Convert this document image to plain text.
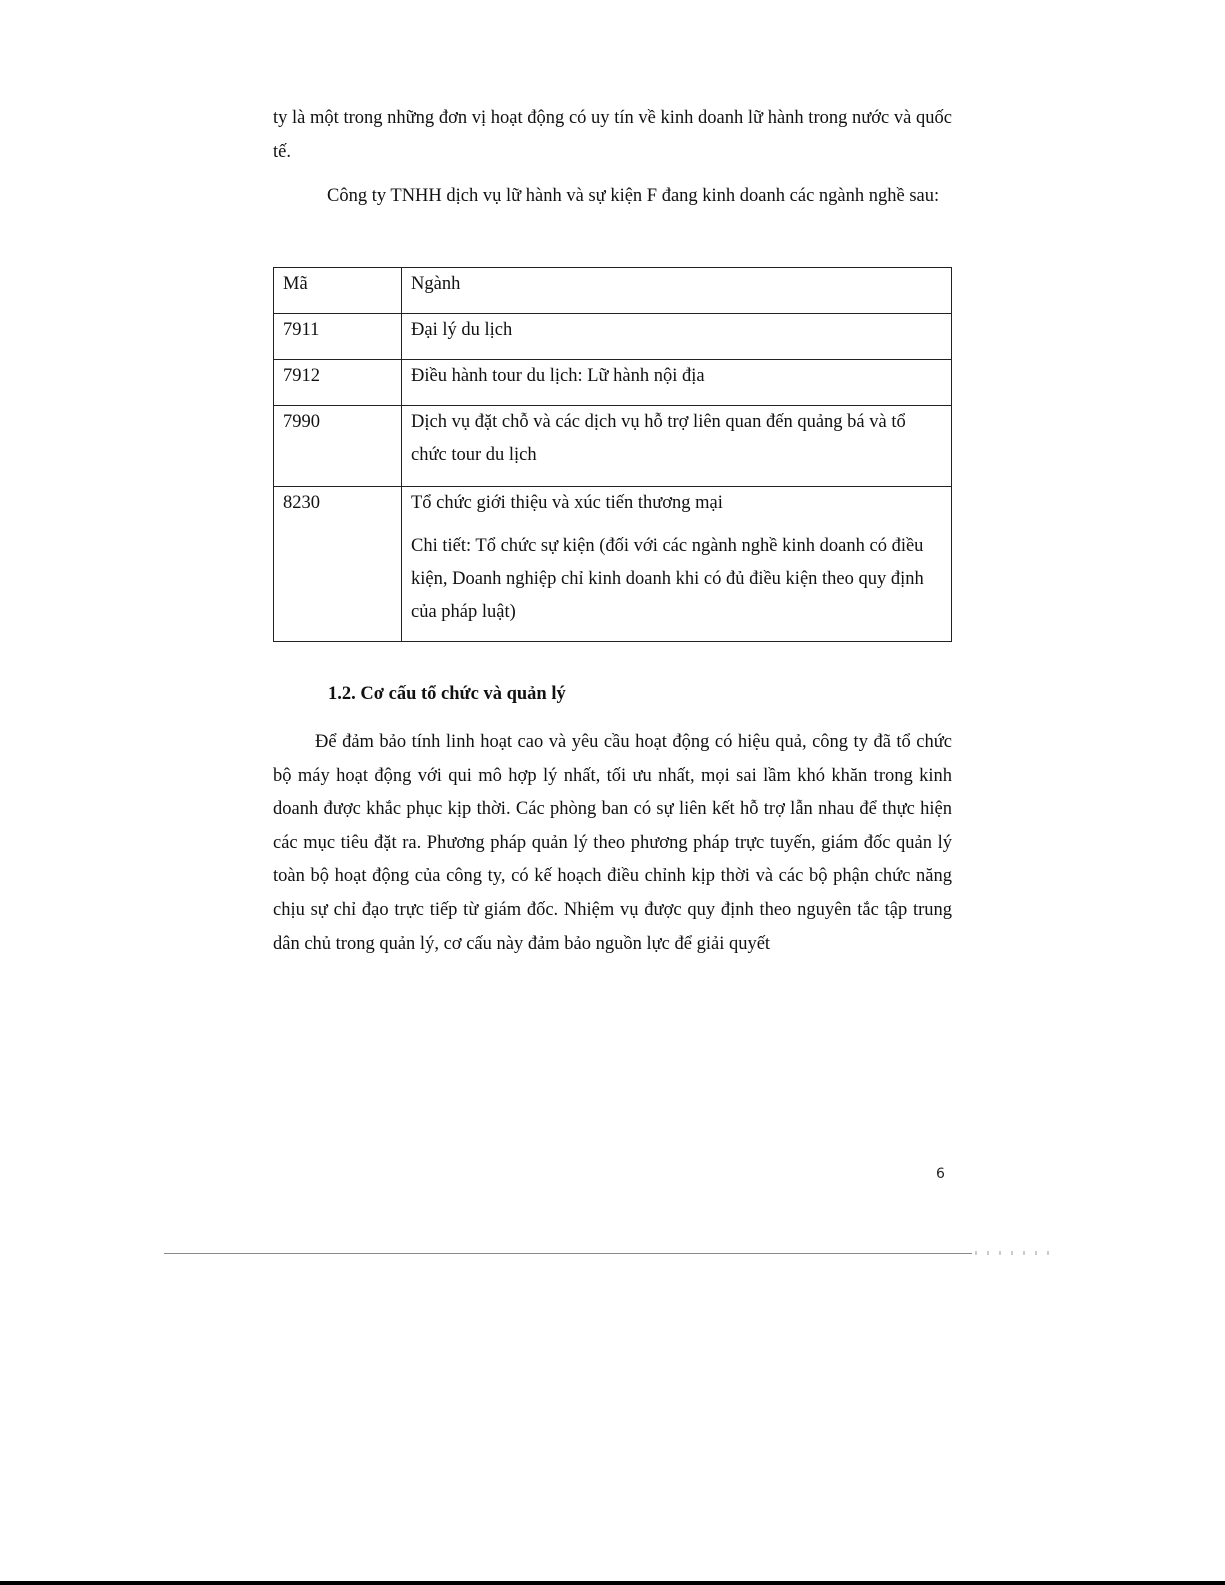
ty là một trong những đơn vị hoạt động có uy tín về kinh doanh lữ hành trong nước và quốc tế.

Công ty TNHH dịch vụ lữ hành và sự kiện F đang kinh doanh các ngành nghề sau:

Mã	Ngành
7911	Đại lý du lịch
7912	Điều hành tour du lịch: Lữ hành nội địa
7990	Dịch vụ đặt chỗ và các dịch vụ hỗ trợ liên quan đến quảng bá và tổ chức tour du lịch
8230	Tổ chức giới thiệu và xúc tiến thương mại
Chi tiết: Tổ chức sự kiện (đối với các ngành nghề kinh doanh có điều kiện, Doanh nghiệp chỉ kinh doanh khi có đủ điều kiện theo quy định của pháp luật)
1.2. Cơ cấu tổ chức và quản lý

Để đảm bảo tính linh hoạt cao và yêu cầu hoạt động có hiệu quả, công ty đã tổ chức bộ máy hoạt động với qui mô hợp lý nhất, tối ưu nhất, mọi sai lầm khó khăn trong kinh doanh được khắc phục kịp thời. Các phòng ban có sự liên kết hỗ trợ lẫn nhau để thực hiện các mục tiêu đặt ra. Phương pháp quản lý theo phương pháp trực tuyến, giám đốc quản lý toàn bộ hoạt động của công ty, có kế hoạch điều chỉnh kịp thời và các bộ phận chức năng chịu sự chỉ đạo trực tiếp từ giám đốc. Nhiệm vụ được quy định theo nguyên tắc tập trung dân chủ trong quản lý, cơ cấu này đảm bảo nguồn lực để giải quyết

6
